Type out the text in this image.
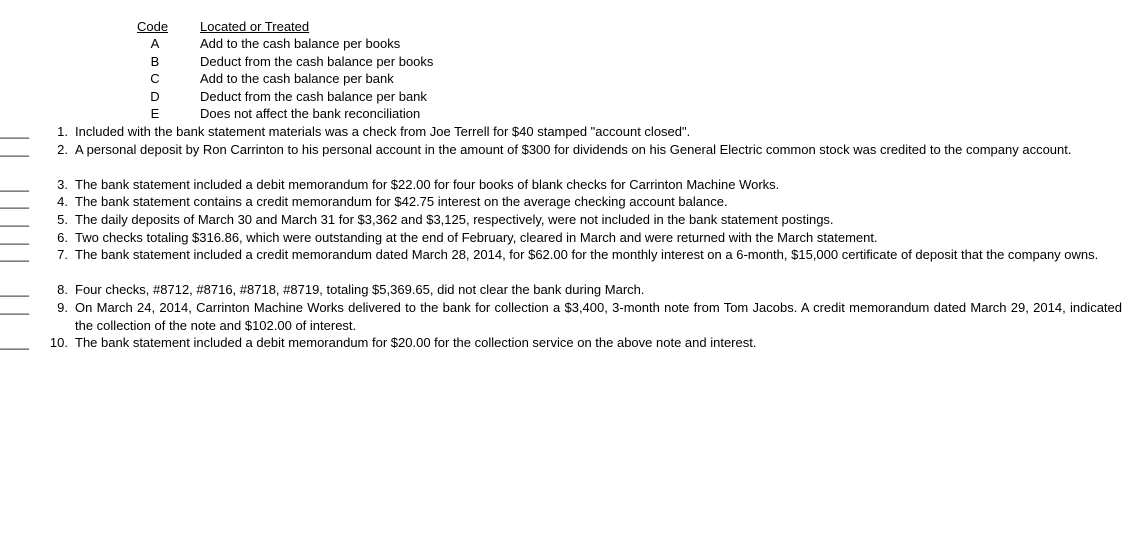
Code Located or Treated
A	Add to the cash balance per books
B	Deduct from the cash balance per books
C	Add to the cash balance per bank
D	Deduct from the cash balance per bank
E	Does not affect the bank reconciliation
____	1. Included with the bank statement materials was a check from Joe Terrell for $40 stamped "account closed".
____	2. A personal deposit by Ron Carrinton to his personal account in the amount of $300 for dividends on his General Electric common stock was credited to the company account.
____	3. The bank statement included a debit memorandum for $22.00 for four books of blank checks for Carrinton Machine Works.
____	4. The bank statement contains a credit memorandum for $42.75 interest on the average checking account balance.
____	5. The daily deposits of March 30 and March 31 for $3,362 and $3,125, respectively, were not included in the bank statement postings.
____	6. Two checks totaling $316.86, which were outstanding at the end of February, cleared in March and were returned with the March statement.
____	7. The bank statement included a credit memorandum dated March 28, 2014, for $62.00 for the monthly interest on a 6-month, $15,000 certificate of deposit that the company owns.
____	8. Four checks, #8712, #8716, #8718, #8719, totaling $5,369.65, did not clear the bank during March.
____	9. On March 24, 2014, Carrinton Machine Works delivered to the bank for collection a $3,400, 3-month note from Tom Jacobs. A credit memorandum dated March 29, 2014, indicated the collection of the note and $102.00 of interest.
____	10. The bank statement included a debit memorandum for $20.00 for the collection service on the above note and interest.
